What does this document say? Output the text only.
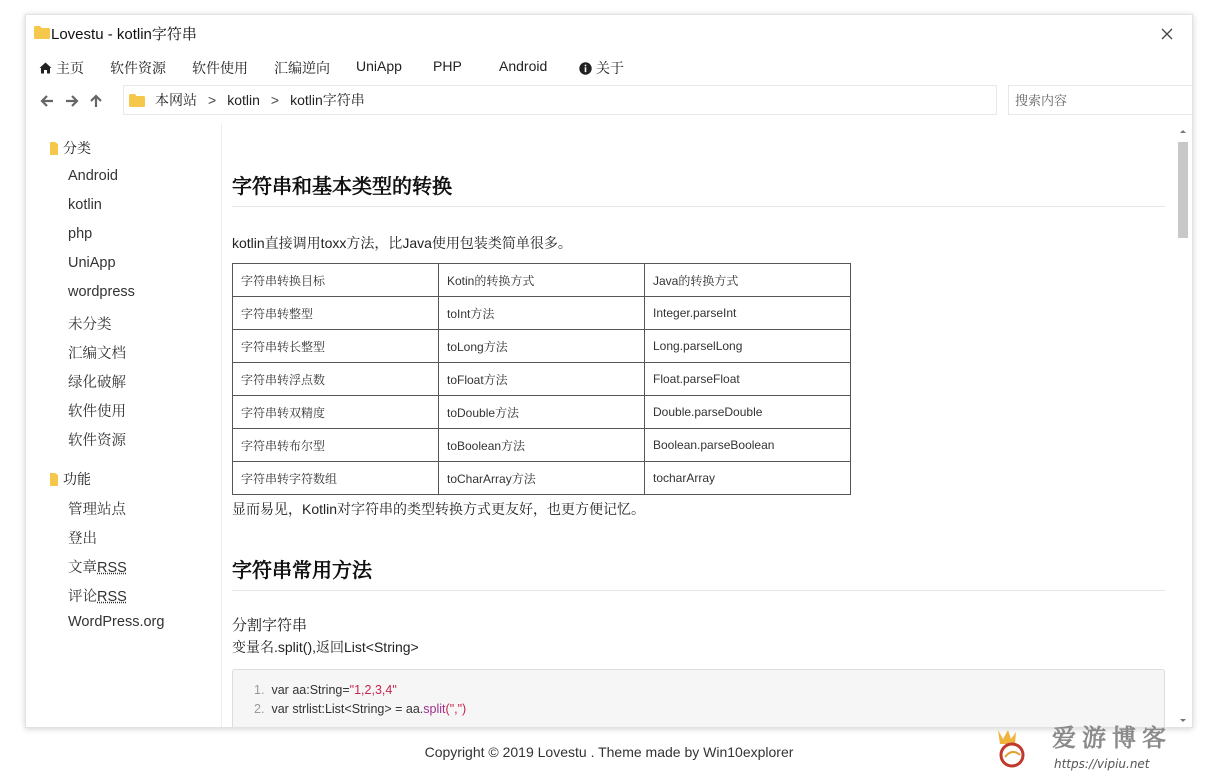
Lovestu - kotlin字符串
主页 软件资源 软件使用 汇编逆向 UniApp PHP	Android	关于
本网站 > kotlin > kotlin字符串
搜索内容
分类
Android
kotlin
php
UniApp
wordpress
未分类
汇编文档
绿化破解
软件使用
软件资源
功能
管理站点
登出
文章RSS
评论RSS
WordPress.org
字符串和基本类型的转换
kotlin直接调用toxx方法，比Java使用包装类简单很多。
字符串转换目标	Kotin的转换方式	Java的转换方式
字符串转整型	toInt方法	Integer.parseInt
字符串转长整型	toLong方法	Long.parselLong
字符串转浮点数	toFloat方法	Float.parseFloat
字符串转双精度	toDouble方法	Double.parseDouble
字符串转布尔型	toBoolean方法	Boolean.parseBoolean
字符串转字符数组	toCharArray方法	tocharArray
显而易见，Kotlin对字符串的类型转换方式更友好，也更方便记忆。
字符串常用方法
分割字符串
变量名.split(),返回List<String>
1. var aa:String="1,2,3,4"
2. var strlist:List<String> = aa.split(",")
Copyright © 2019 Lovestu . Theme made by Win10explorer	爱游博客
https://vipiu.net
